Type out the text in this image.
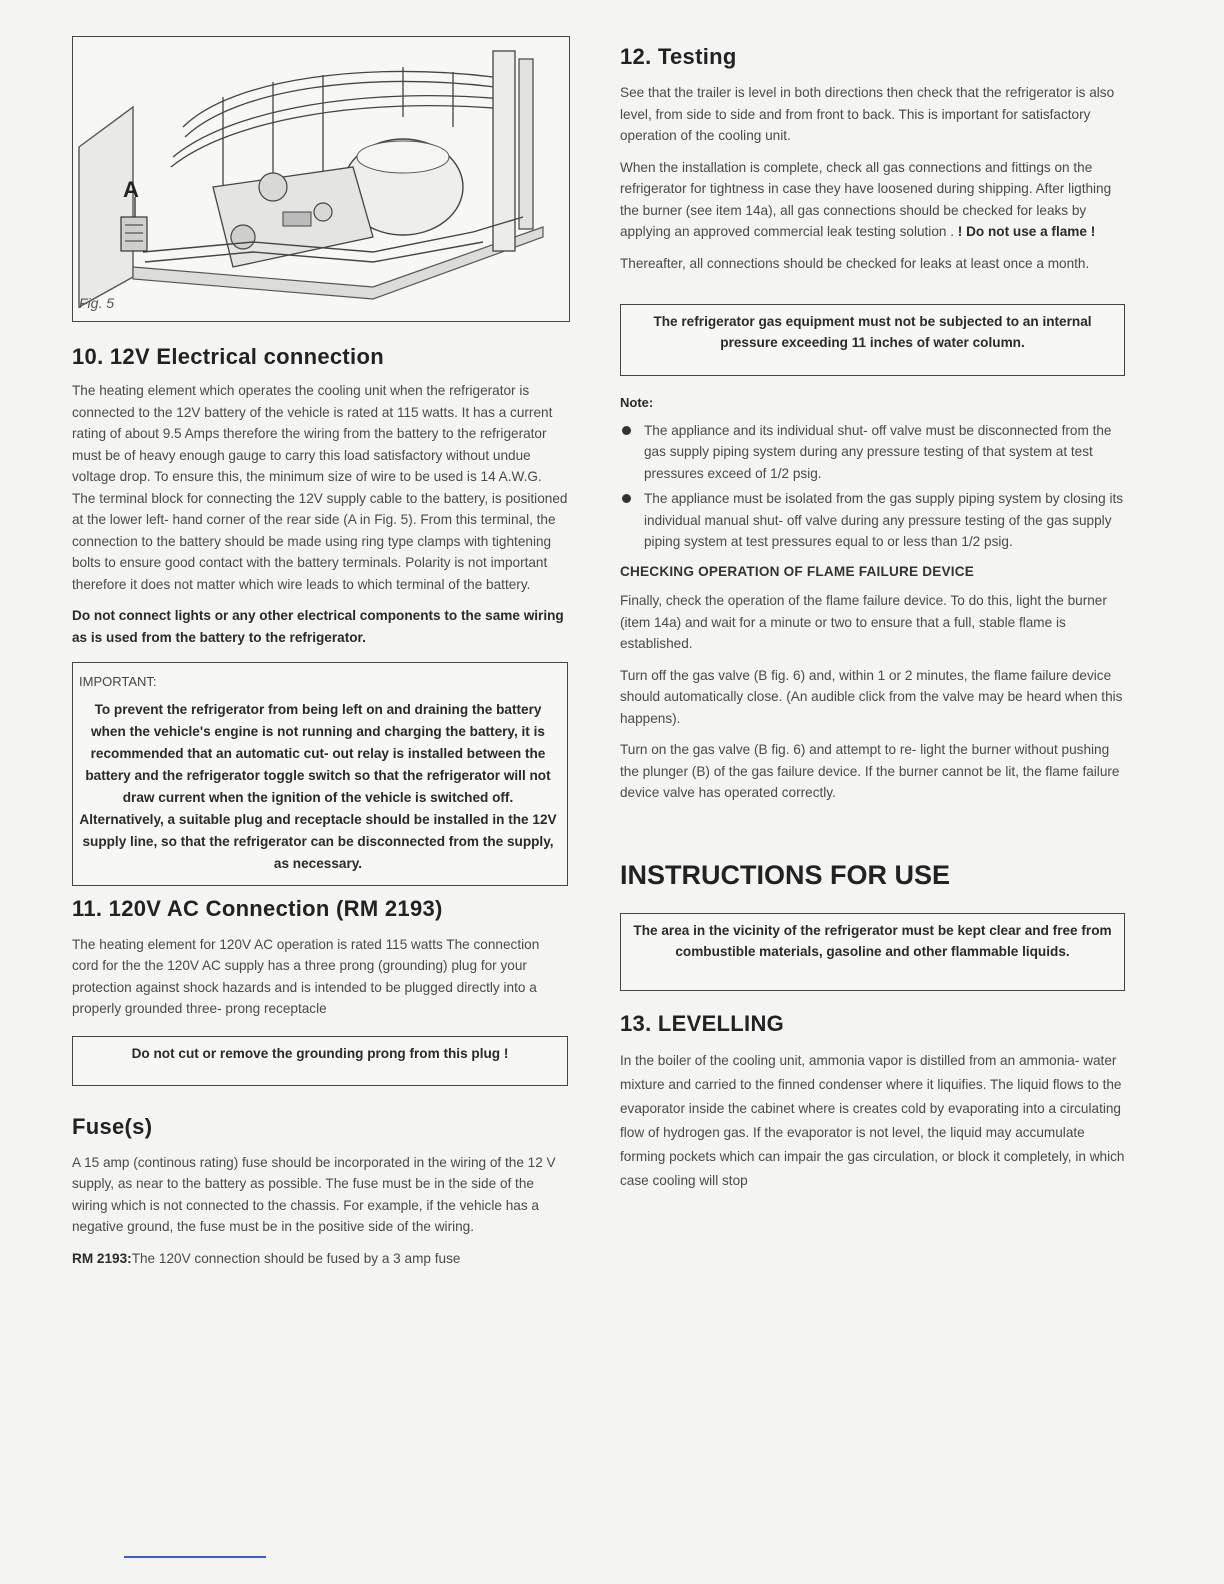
A
Fig. 5
10. 12V Electrical connection

The heating element which operates the cooling unit when the refrigerator is connected to the 12V battery of the vehicle is rated at 115 watts. It has a current rating of about 9.5 Amps therefore the wiring from the battery to the refrigerator must be of heavy enough gauge to carry this load satisfactory without undue voltage drop. To ensure this, the minimum size of wire to be used is 14 A.W.G. The terminal block for connecting the 12V supply cable to the battery, is positioned at the lower left- hand corner of the rear side (A in Fig. 5). From this terminal, the connection to the battery should be made using ring type clamps with tightening bolts to ensure good contact with the battery terminals. Polarity is not important therefore it does not matter which wire leads to which terminal of the battery.

Do not connect lights or any other electrical components to the same wiring as is used from the battery to the refrigerator.

IMPORTANT:

To prevent the refrigerator from being left on and draining the battery when the vehicle's engine is not running and charging the battery, it is recommended that an automatic cut- out relay is installed between the battery and the refrigerator toggle switch so that the refrigerator will not draw current when the ignition of the vehicle is switched off. Alternatively, a suitable plug and receptacle should be installed in the 12V supply line, so that the refrigerator can be disconnected from the supply, as necessary.

11. 120V AC Connection (RM 2193)

The heating element for 120V AC operation is rated 115 watts The connection cord for the the 120V AC supply has a three prong (grounding) plug for your protection against shock hazards and is intended to be plugged directly into a properly grounded three- prong receptacle

Do not cut or remove the grounding prong from this plug !

Fuse(s)

A 15 amp (continous rating) fuse should be incorporated in the wiring of the 12 V supply, as near to the battery as possible. The fuse must be in the side of the wiring which is not connected to the chassis. For example, if the vehicle has a negative ground, the fuse must be in the positive side of the wiring.

RM 2193:The 120V connection should be fused by a 3 amp fuse

12. Testing

See that the trailer is level in both directions then check that the refrigerator is also level, from side to side and from front to back. This is important for satisfactory operation of the cooling unit.

When the installation is complete, check all gas connections and fittings on the refrigerator for tightness in case they have loosened during shipping. After ligthing the burner (see item 14a), all gas connections should be checked for leaks by applying an approved commercial leak testing solution . ! Do not use a flame !

Thereafter, all connections should be checked for leaks at least once a month.

The refrigerator gas equipment must not be subjected to an internal pressure exceeding 11 inches of water column.

Note:

The appliance and its individual shut- off valve must be disconnected from the gas supply piping system during any pressure testing of that system at test pressures exceed of 1/2 psig.
The appliance must be isolated from the gas supply piping system by closing its individual manual shut- off valve during any pressure testing of the gas supply piping system at test pressures equal to or less than 1/2 psig.

CHECKING OPERATION OF FLAME FAILURE DEVICE

Finally, check the operation of the flame failure device. To do this, light the burner (item 14a) and wait for a minute or two to ensure that a full, stable flame is established.

Turn off the gas valve (B fig. 6) and, within 1 or 2 minutes, the flame failure device should automatically close. (An audible click from the valve may be heard when this happens).

Turn on the gas valve (B fig. 6) and attempt to re- light the burner without pushing the plunger (B) of the gas failure device. If the burner cannot be lit, the flame failure device valve has operated correctly.

INSTRUCTIONS FOR USE

The area in the vicinity of the refrigerator must be kept clear and free from combustible materials, gasoline and other flammable liquids.

13. LEVELLING

In the boiler of the cooling unit, ammonia vapor is distilled from an ammonia- water mixture and carried to the finned condenser where it liquifies. The liquid flows to the evaporator inside the cabinet where is creates cold by evaporating into a circulating flow of hydrogen gas. If the evaporator is not level, the liquid may accumulate forming pockets which can impair the gas circulation, or block it completely, in which case cooling will stop
